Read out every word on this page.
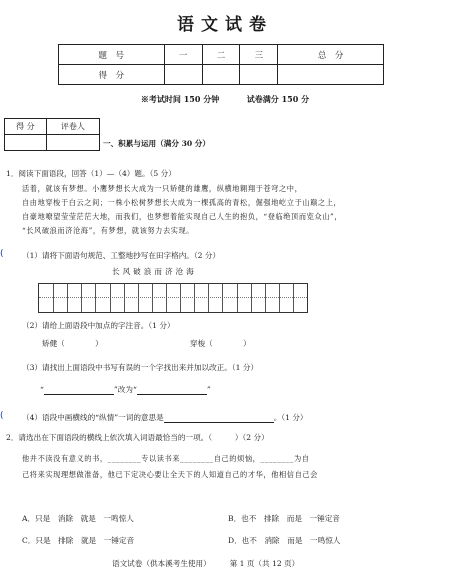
语文试卷
题　号	一	二	三	总　分
得　分				
※考试时间 150 分钟	试卷满分 150 分
得 分	评卷人

一、积累与运用（满分 30 分）
1．阅读下面语段，回答（1）—（4）题。（5 分）
活着，就该有梦想。小鹰梦想长大成为一只矫健的雄鹰，纵横地翱翔于苍穹之中，
自由地穿梭于白云之间；一株小松树梦想长大成为一棵孤高的青松，倔强地屹立于山巅之上，
自豪地嘹望莹莹茫茫大地，而我们，也梦想着能实现自己人生的抱负，“登临绝顶而览众山”，
“长风破浪而济沧海”，有梦想，就该努力去实现。
(	（1）请将下面语句规范、工整地抄写在田字格内。（2 分）
长风破浪而济沧海
（2）请给上面语段中加点的字注音。（1 分）
矫健（　　　　）	穿梭（　　　　）
（3）请找出上面语段中书写有误的一个字找出来并加以改正。（1 分）
“	”改为“	”
(	（4）语段中画横线的“纵情”一词的意思是	。（1 分）
2．请选出在下面语段的横线上依次填入词语最恰当的一项。（　　　）（2 分）
他并不读没有意义的书，________专以读书来________自己的烦恼，________为自
己将来实现理想做准备，他已下定决心要让全天下的人知道自己的才华，他相信自己会
A．只是　消除　就是　一鸣惊人	B．也不　排除　而是　一锤定音
C．只是　排除　就是　一锤定音	D．也不　消除　而是　一鸣惊人
语文试卷（供本溪考生使用） 第 1 页（共 12 页）
